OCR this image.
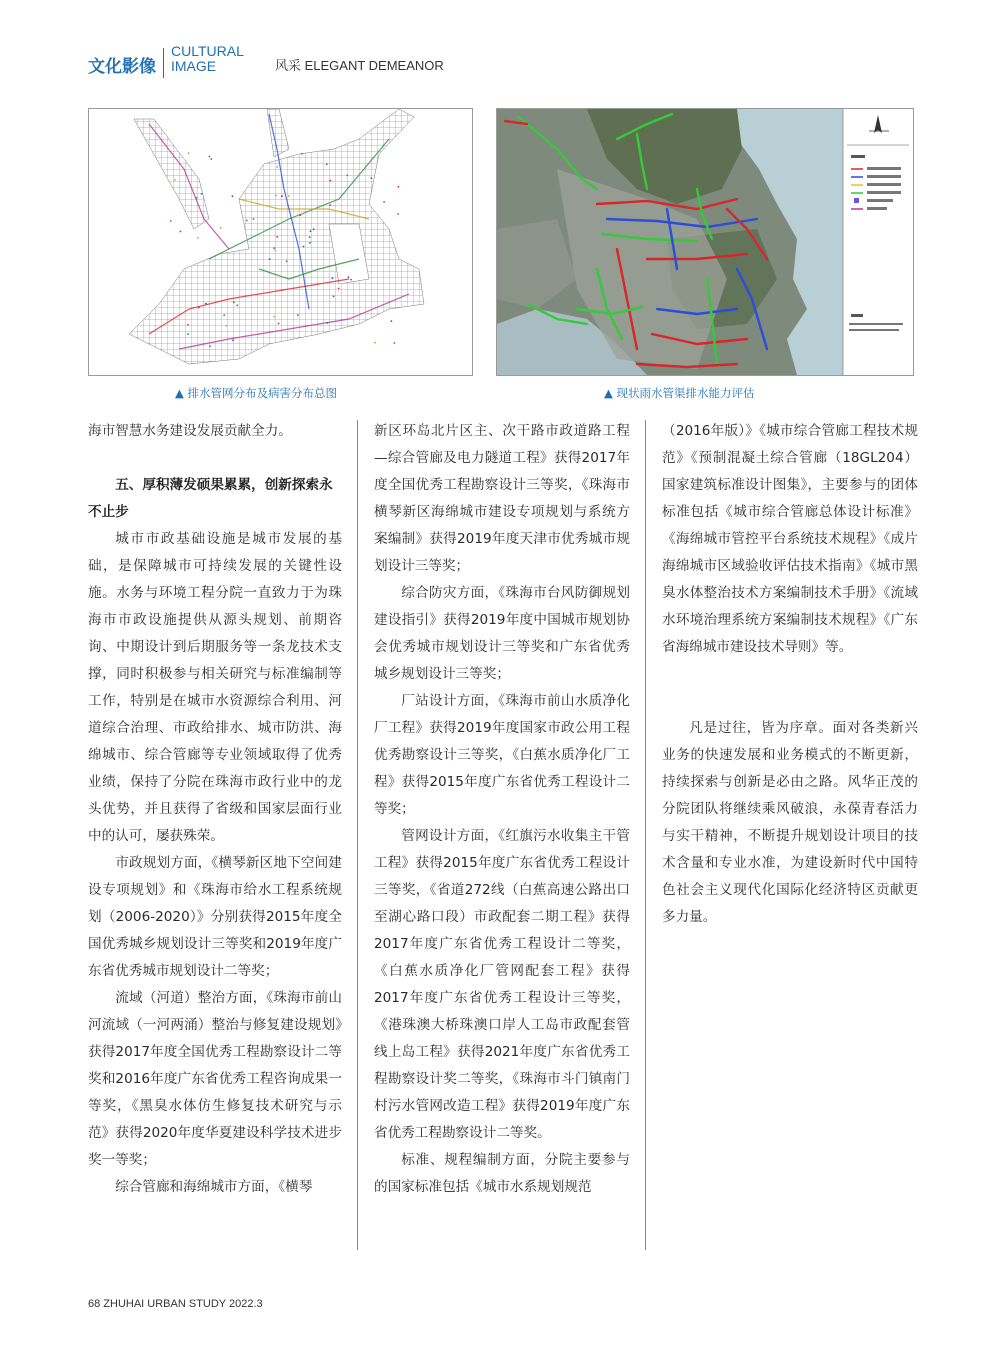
文化影像
CULTURAL
IMAGE	风采 ELEGANT DEMEANOR
▲ 排水管网分布及病害分布总图	▲ 现状雨水管渠排水能力评估

海市智慧水务建设发展贡献全力。

五、厚积薄发硕果累累，创新探索永不止步

城市市政基础设施是城市发展的基础，是保障城市可持续发展的关键性设施。水务与环境工程分院一直致力于为珠海市市政设施提供从源头规划、前期咨询、中期设计到后期服务等一条龙技术支撑，同时积极参与相关研究与标准编制等工作，特别是在城市水资源综合利用、河道综合治理、市政给排水、城市防洪、海绵城市、综合管廊等专业领域取得了优秀业绩，保持了分院在珠海市政行业中的龙头优势，并且获得了省级和国家层面行业中的认可，屡获殊荣。

市政规划方面，《横琴新区地下空间建设专项规划》和《珠海市给水工程系统规划（2006-2020）》分别获得2015年度全国优秀城乡规划设计三等奖和2019年度广东省优秀城市规划设计二等奖；

流域（河道）整治方面，《珠海市前山河流域（一河两涌）整治与修复建设规划》获得2017年度全国优秀工程勘察设计二等奖和2016年度广东省优秀工程咨询成果一等奖，《黑臭水体仿生修复技术研究与示范》获得2020年度华夏建设科学技术进步奖一等奖；

综合管廊和海绵城市方面，《横琴

新区环岛北片区主、次干路市政道路工程—综合管廊及电力隧道工程》获得2017年度全国优秀工程勘察设计三等奖，《珠海市横琴新区海绵城市建设专项规划与系统方案编制》获得2019年度天津市优秀城市规划设计三等奖；

综合防灾方面，《珠海市台风防御规划建设指引》获得2019年度中国城市规划协会优秀城市规划设计三等奖和广东省优秀城乡规划设计三等奖；

厂站设计方面，《珠海市前山水质净化厂工程》获得2019年度国家市政公用工程优秀勘察设计三等奖，《白蕉水质净化厂工程》获得2015年度广东省优秀工程设计二等奖；

管网设计方面，《红旗污水收集主干管工程》获得2015年度广东省优秀工程设计三等奖，《省道272线（白蕉高速公路出口至湖心路口段）市政配套二期工程》获得2017年度广东省优秀工程设计二等奖，《白蕉水质净化厂管网配套工程》获得2017年度广东省优秀工程设计三等奖，《港珠澳大桥珠澳口岸人工岛市政配套管线上岛工程》获得2021年度广东省优秀工程勘察设计奖二等奖，《珠海市斗门镇南门村污水管网改造工程》获得2019年度广东省优秀工程勘察设计二等奖。

标准、规程编制方面，分院主要参与的国家标准包括《城市水系规划规范

（2016年版）》《城市综合管廊工程技术规范》《预制混凝土综合管廊（18GL204）国家建筑标准设计图集》，主要参与的团体标准包括《城市综合管廊总体设计标准》《海绵城市管控平台系统技术规程》《成片海绵城市区域验收评估技术指南》《城市黑臭水体整治技术方案编制技术手册》《流域水环境治理系统方案编制技术规程》《广东省海绵城市建设技术导则》等。

凡是过往，皆为序章。面对各类新兴业务的快速发展和业务模式的不断更新，持续探索与创新是必由之路。风华正茂的分院团队将继续乘风破浪，永葆青春活力与实干精神，不断提升规划设计项目的技术含量和专业水准，为建设新时代中国特色社会主义现代化国际化经济特区贡献更多力量。

68 ZHUHAI URBAN STUDY 2022.3
